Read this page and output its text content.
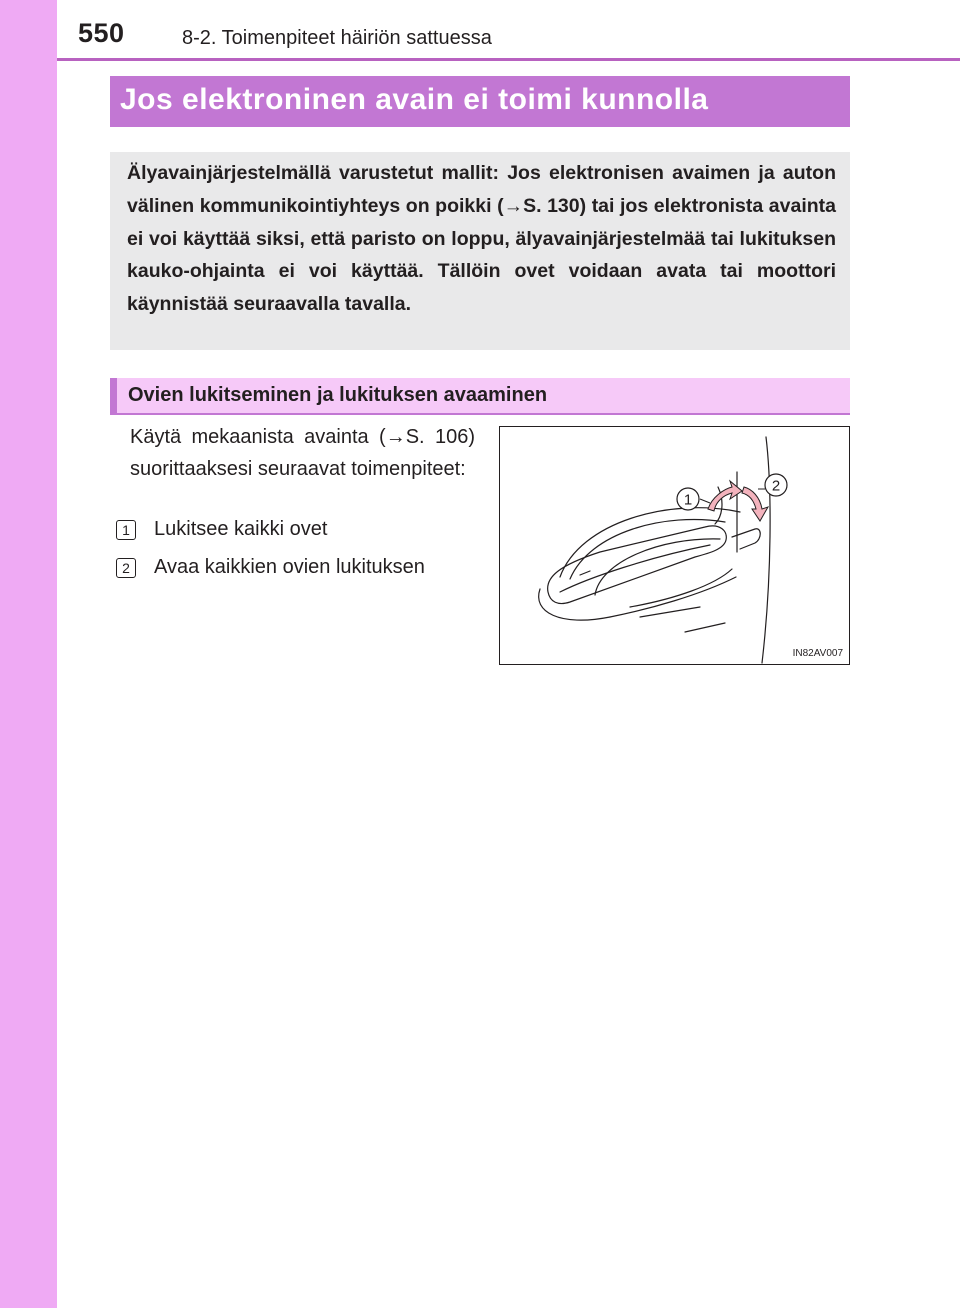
550	8-2. Toimenpiteet häiriön sattuessa
Jos elektroninen avain ei toimi kunnolla

Älyavainjärjestelmällä varustetut mallit: Jos elektronisen avaimen ja auton välinen kommunikointiyhteys on poikki (→S. 130) tai jos elektronista avainta ei voi käyttää siksi, että paristo on loppu, älyavainjärjestelmää tai lukituksen kauko-ohjainta ei voi käyttää. Tällöin ovet voidaan avata tai moottori käynnistää seuraavalla tavalla.

Ovien lukitseminen ja lukituksen avaaminen

Käytä mekaanista avainta (→S. 106) suorittaaksesi seuraavat toimenpiteet:

1	Lukitsee kaikki ovet
2	Avaa kaikkien ovien lukituksen
1
2
IN82AV007
